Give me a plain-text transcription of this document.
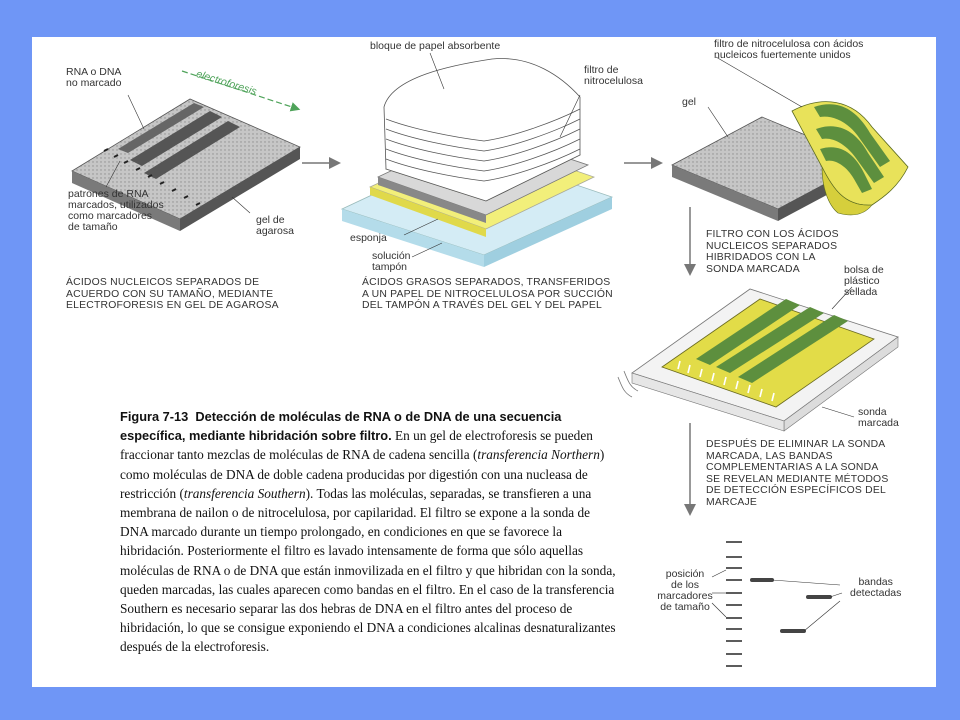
RNA o DNA
no marcado	electroforesis
patrones de RNA
marcados, utilizados
como marcadores
de tamaño
gel de
agarosa
ÁCIDOS NUCLEICOS SEPARADOS DE
ACUERDO CON SU TAMAÑO, MEDIANTE
ELECTROFORESIS EN GEL DE AGAROSA
bloque de papel absorbente
filtro de
nitrocelulosa
esponja
solución
tampón
ÁCIDOS GRASOS SEPARADOS, TRANSFERIDOS
A UN PAPEL DE NITROCELULOSA POR SUCCIÓN
DEL TAMPÓN A TRAVÉS DEL GEL Y DEL PAPEL
filtro de nitrocelulosa con ácidos
nucleicos fuertemente unidos
gel
FILTRO CON LOS ÁCIDOS
NUCLEICOS SEPARADOS
HIBRIDADOS CON LA
SONDA MARCADA	bolsa de
plástico
sellada
sonda
marcada
DESPUÉS DE ELIMINAR LA SONDA
MARCADA, LAS BANDAS
COMPLEMENTARIAS A LA SONDA
SE REVELAN MEDIANTE MÉTODOS
DE DETECCIÓN ESPECÍFICOS DEL
MARCAJE
posición
de los
marcadores
de tamaño
bandas
detectadas
Figura 7-13 Detección de moléculas de RNA o de DNA de una secuencia específica, mediante hibridación sobre filtro. En un gel de electroforesis se pueden fraccionar tanto mezclas de moléculas de RNA de cadena sencilla (transferencia Northern) como moléculas de DNA de doble cadena producidas por digestión con una nucleasa de restricción (transferencia Southern). Todas las moléculas, separadas, se transfieren a una membrana de nailon o de nitrocelulosa, por capilaridad. El filtro se expone a la sonda de DNA marcado durante un tiempo prolongado, en condiciones en que se favorece la hibridación. Posteriormente el filtro es lavado intensamente de forma que sólo aquellas moléculas de RNA o de DNA que están inmovilizada en el filtro y que hibridan con la sonda, queden marcadas, las cuales aparecen como bandas en el filtro. En el caso de la transferencia Southern es necesario separar las dos hebras de DNA en el filtro antes del proceso de hibridación, lo que se consigue exponiendo el DNA a condiciones alcalinas desnaturalizantes después de la electroforesis.
